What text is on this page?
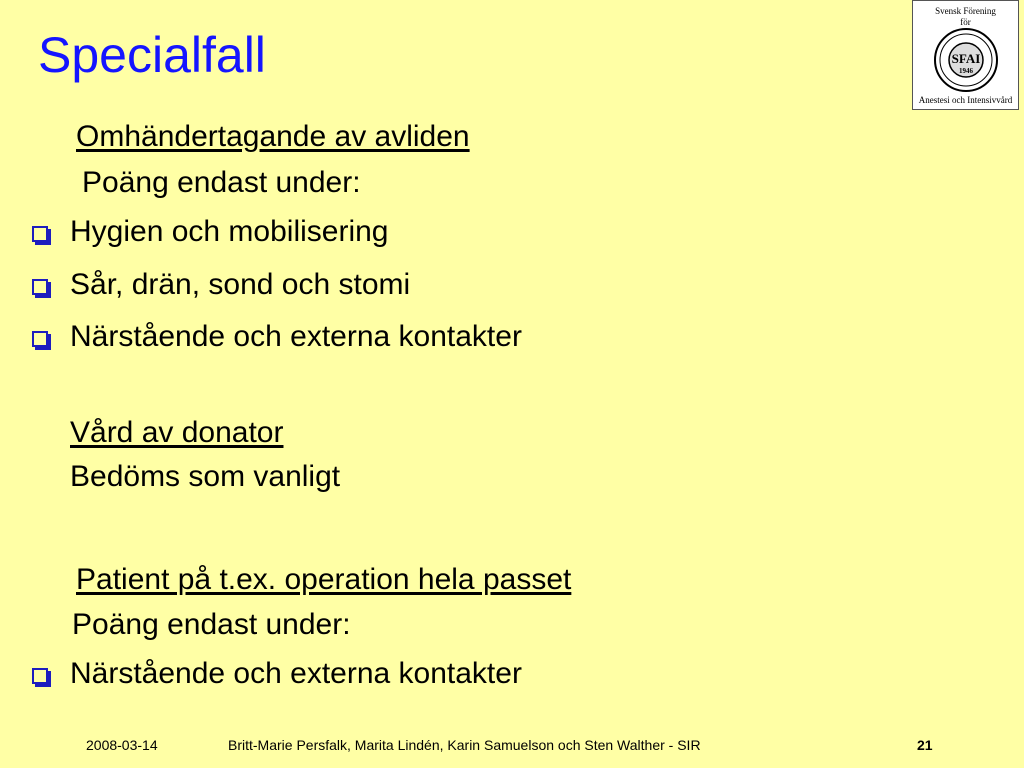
Specialfall
Svensk Förening
för
SFAI
1946
Anestesi och Intensivvård
Omhändertagande av avliden
Poäng endast under:
Hygien och mobilisering
Sår, drän, sond och stomi
Närstående och externa kontakter
Vård av donator
Bedöms som vanligt
Patient på t.ex. operation hela passet
Poäng endast under:
Närstående och externa kontakter
2008-03-14	Britt-Marie Persfalk, Marita Lindén, Karin Samuelson och Sten Walther - SIR	21
